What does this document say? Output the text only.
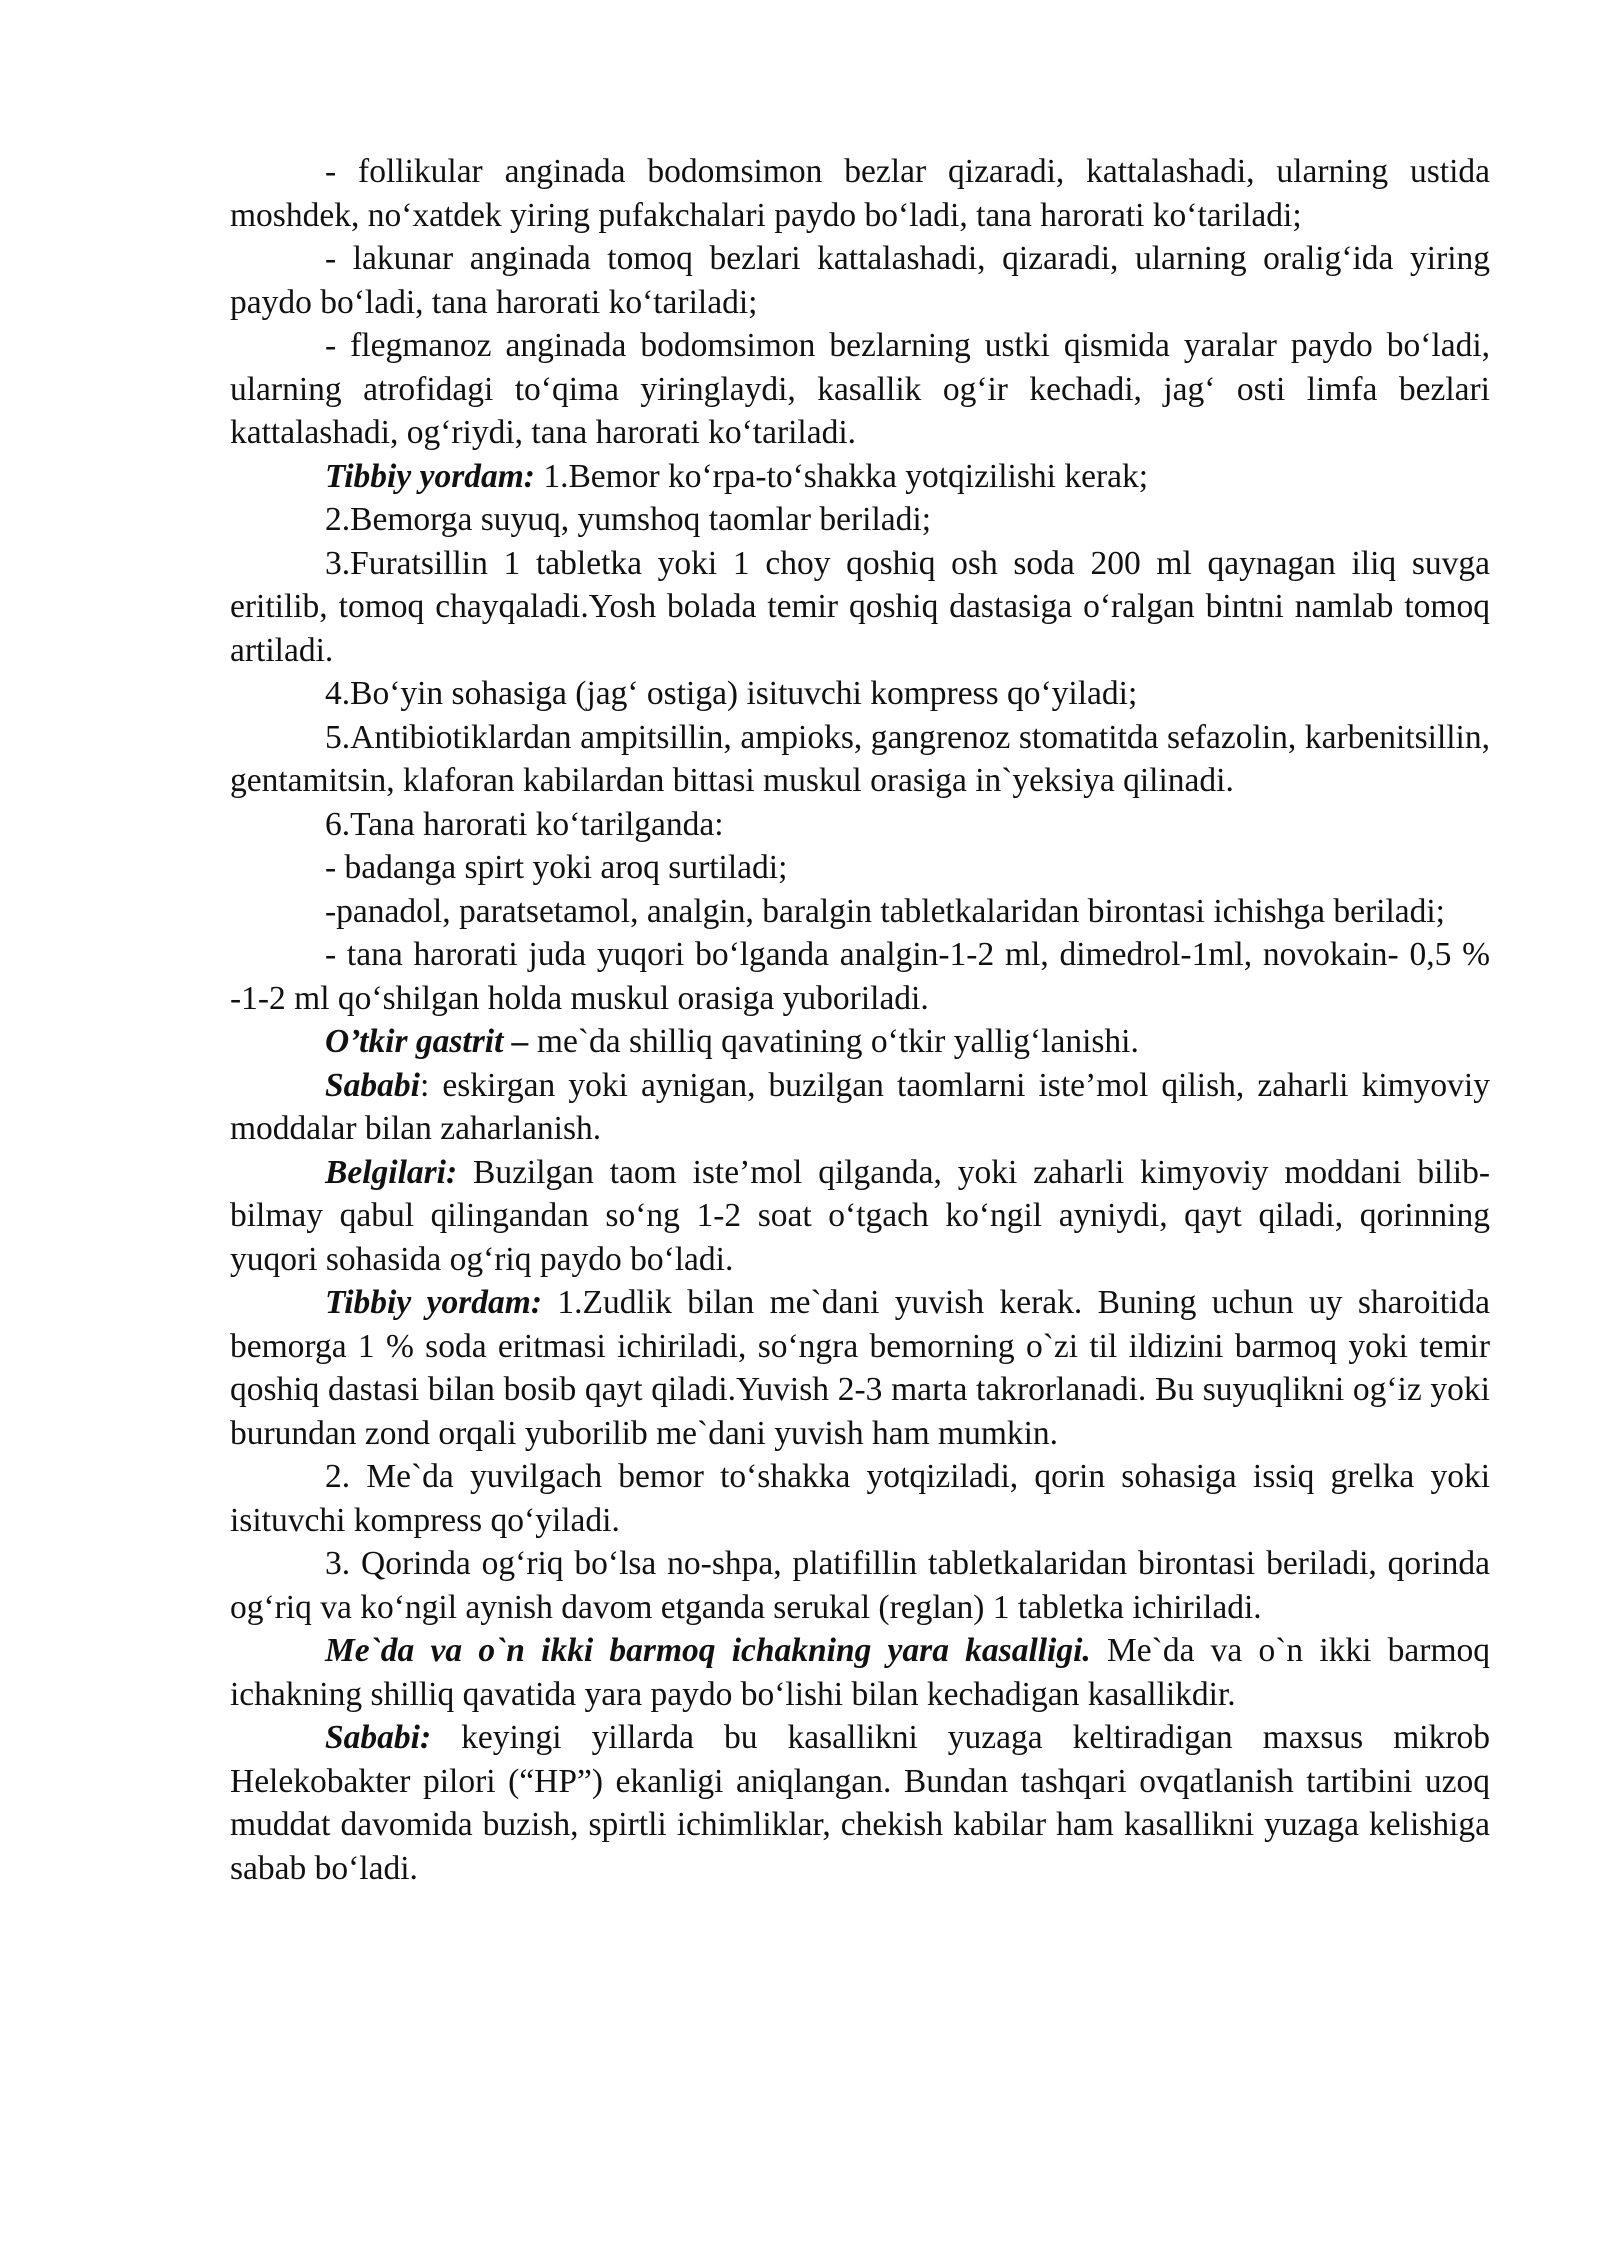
- follikular anginada bodomsimon bezlar qizaradi, kattalashadi, ularning ustida moshdek, no‘xatdek yiring pufakchalari paydo bo‘ladi, tana harorati ko‘tariladi;

- lakunar anginada tomoq bezlari kattalashadi, qizaradi, ularning oralig‘ida yiring paydo bo‘ladi, tana harorati ko‘tariladi;

- flegmanoz anginada bodomsimon bezlarning ustki qismida yaralar paydo bo‘ladi, ularning atrofidagi to‘qima yiringlaydi, kasallik og‘ir kechadi, jag‘ osti limfa bezlari kattalashadi, og‘riydi, tana harorati ko‘tariladi.

Tibbiy yordam: 1.Bemor ko‘rpa-to‘shakka yotqizilishi kerak;

2.Bemorga suyuq, yumshoq taomlar beriladi;

3.Furatsillin 1 tabletka yoki 1 choy qoshiq osh soda 200 ml qaynagan iliq suvga eritilib, tomoq chayqaladi.Yosh bolada temir qoshiq dastasiga o‘ralgan bintni namlab tomoq artiladi.

4.Bo‘yin sohasiga (jag‘ ostiga) isituvchi kompress qo‘yiladi;

5.Antibiotiklardan ampitsillin, ampioks, gangrenoz stomatitda sefazolin, karbenitsillin, gentamitsin, klaforan kabilardan bittasi muskul orasiga in`yeksiya qilinadi.

6.Tana harorati ko‘tarilganda:

- badanga spirt yoki aroq surtiladi;

-panadol, paratsetamol, analgin, baralgin tabletkalaridan birontasi ichishga beriladi;

- tana harorati juda yuqori bo‘lganda analgin-1-2 ml, dimedrol-1ml, novokain- 0,5 % -1-2 ml qo‘shilgan holda muskul orasiga yuboriladi.

O’tkir gastrit – me`da shilliq qavatining o‘tkir yallig‘lanishi.

Sababi: eskirgan yoki aynigan, buzilgan taomlarni iste’mol qilish, zaharli kimyoviy moddalar bilan zaharlanish.

Belgilari: Buzilgan taom iste’mol qilganda, yoki zaharli kimyoviy moddani bilib-bilmay qabul qilingandan so‘ng 1-2 soat o‘tgach ko‘ngil ayniydi, qayt qiladi, qorinning yuqori sohasida og‘riq paydo bo‘ladi.

Tibbiy yordam: 1.Zudlik bilan me`dani yuvish kerak. Buning uchun uy sharoitida bemorga 1 % soda eritmasi ichiriladi, so‘ngra bemorning o`zi til ildizini barmoq yoki temir qoshiq dastasi bilan bosib qayt qiladi.Yuvish 2-3 marta takrorlanadi. Bu suyuqlikni og‘iz yoki burundan zond orqali yuborilib me`dani yuvish ham mumkin.

2. Me`da yuvilgach bemor to‘shakka yotqiziladi, qorin sohasiga issiq grelka yoki isituvchi kompress qo‘yiladi.

3. Qorinda og‘riq bo‘lsa no-shpa, platifillin tabletkalaridan birontasi beriladi, qorinda og‘riq va ko‘ngil aynish davom etganda serukal (reglan) 1 tabletka ichiriladi.

Me`da va o`n ikki barmoq ichakning yara kasalligi. Me`da va o`n ikki barmoq ichakning shilliq qavatida yara paydo bo‘lishi bilan kechadigan kasallikdir.

Sababi: keyingi yillarda bu kasallikni yuzaga keltiradigan maxsus mikrob Helekobakter pilori (“HP”) ekanligi aniqlangan. Bundan tashqari ovqatlanish tartibini uzoq muddat davomida buzish, spirtli ichimliklar, chekish kabilar ham kasallikni yuzaga kelishiga sabab bo‘ladi.
